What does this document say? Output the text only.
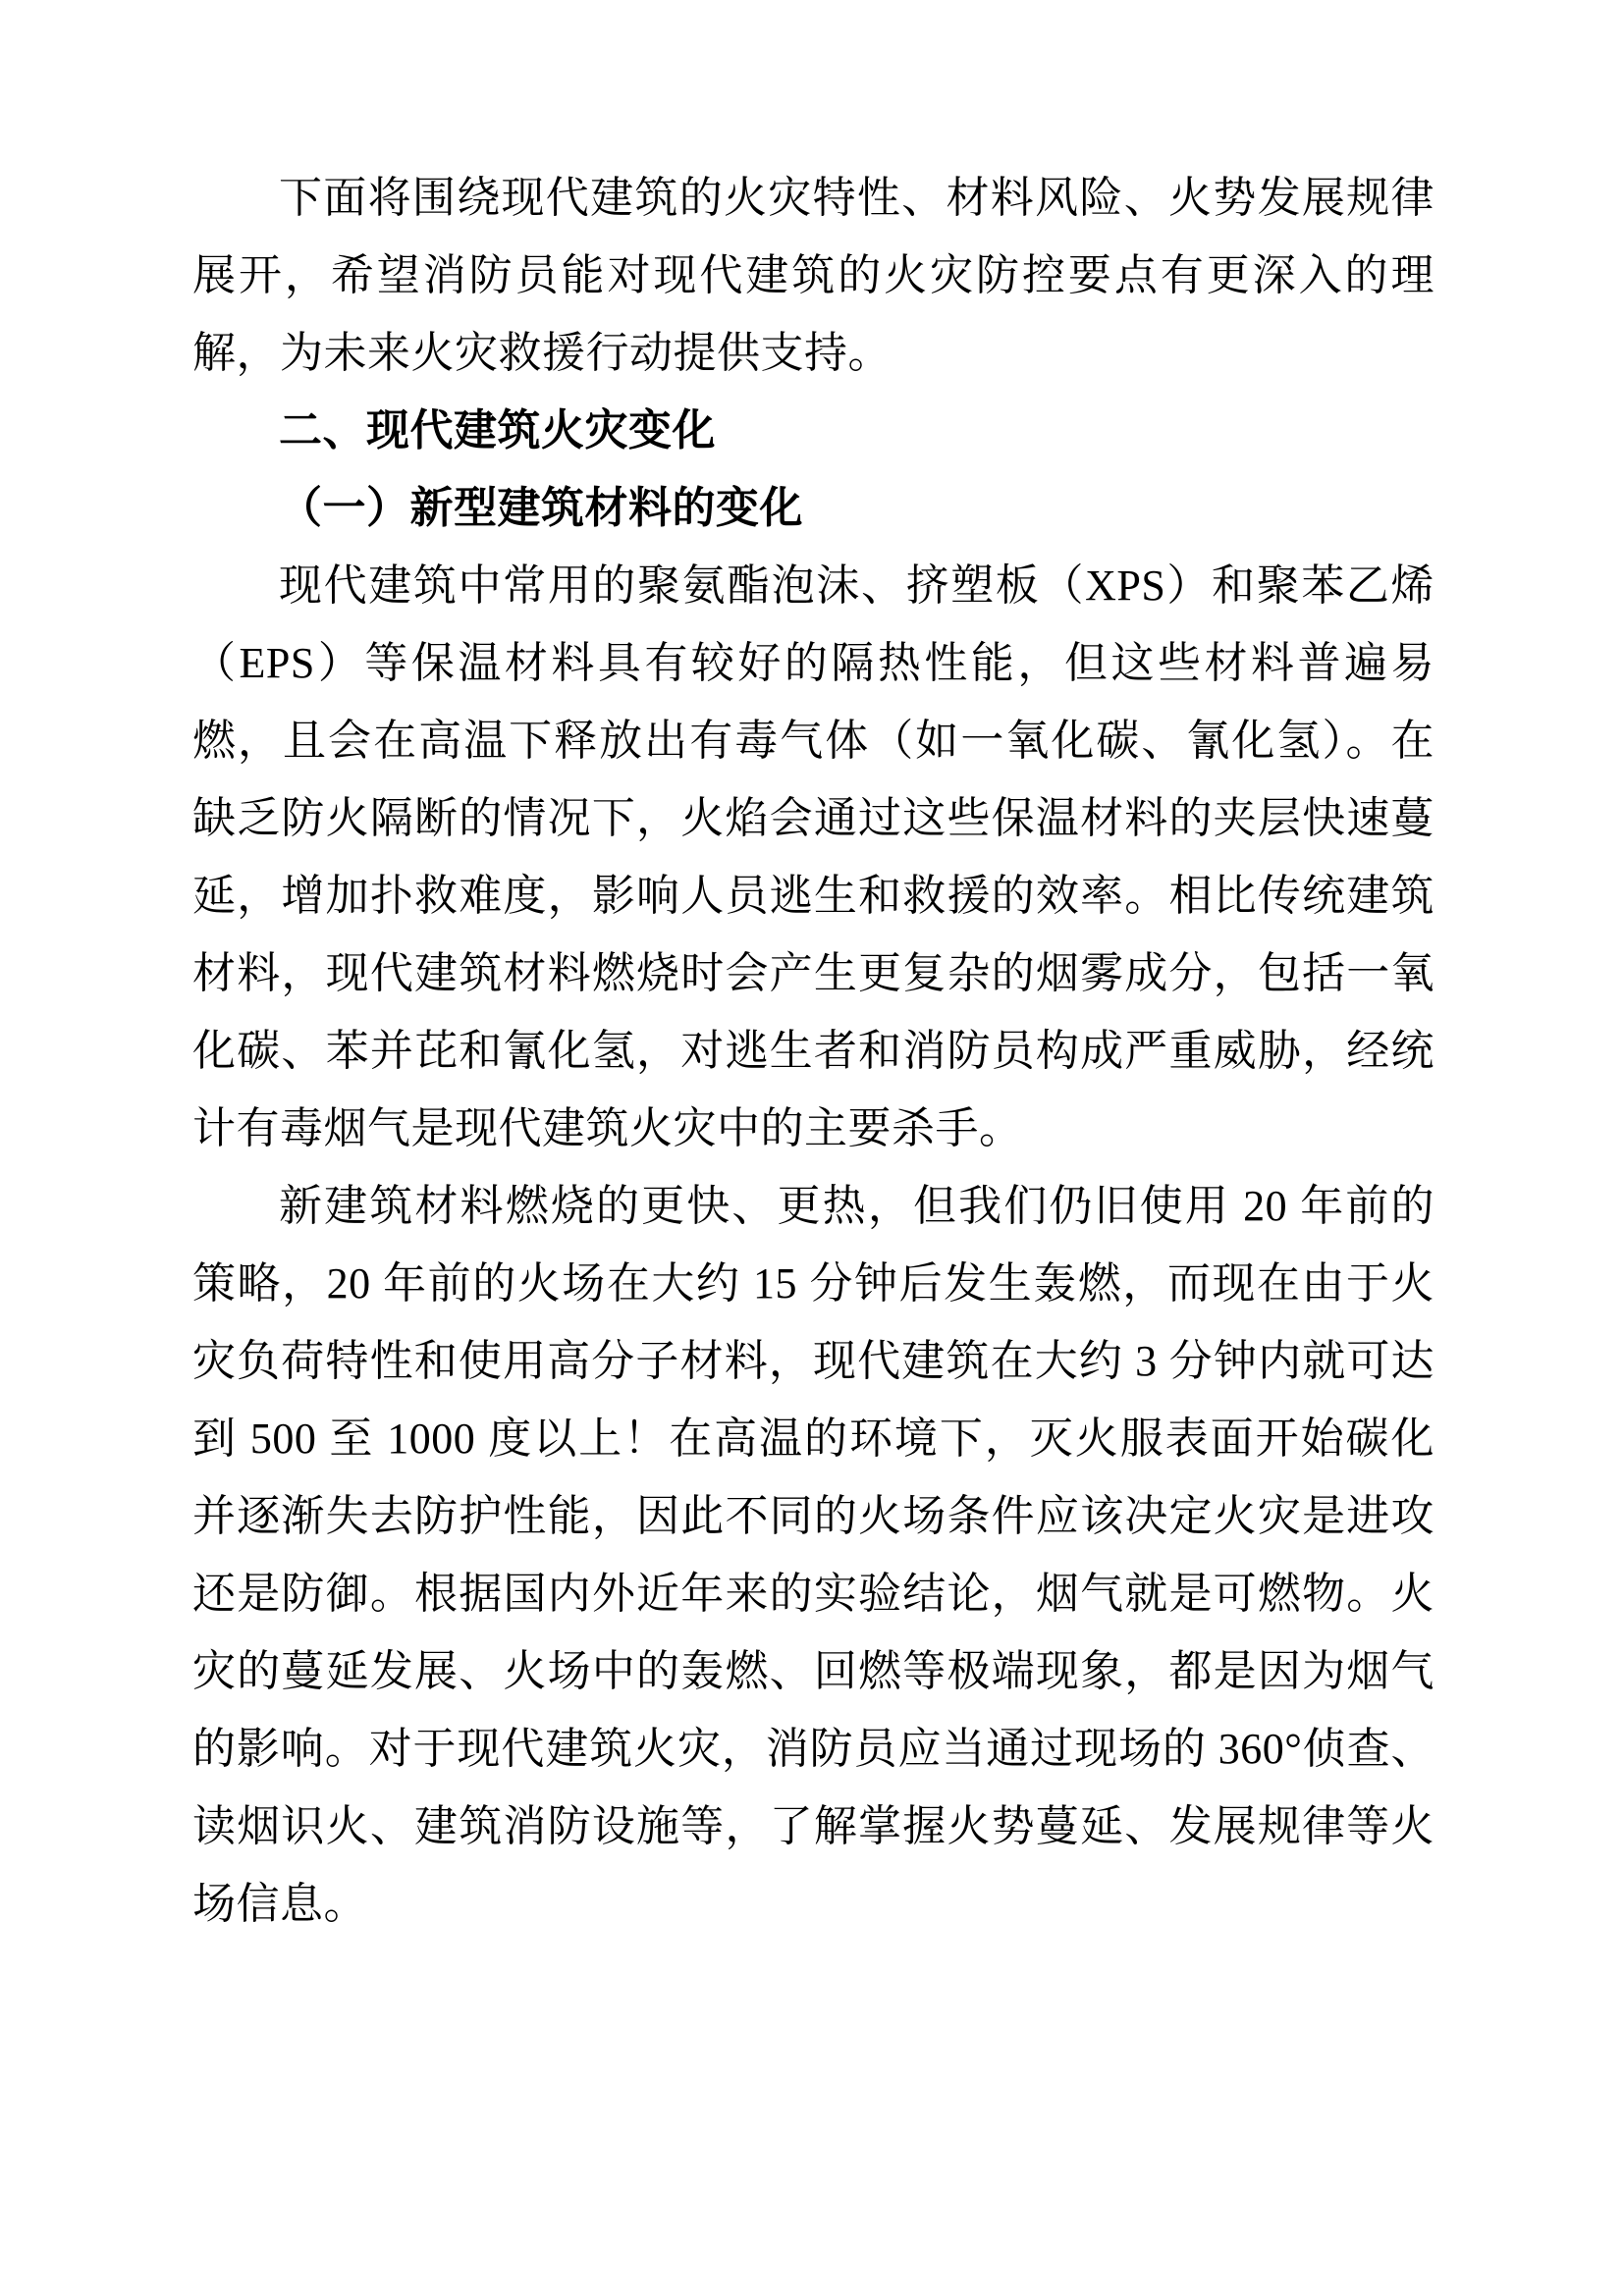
下面将围绕现代建筑的火灾特性、材料风险、火势发展规律展开，希望消防员能对现代建筑的火灾防控要点有更深入的理解，为未来火灾救援行动提供支持。

二、现代建筑火灾变化
（一）新型建筑材料的变化

现代建筑中常用的聚氨酯泡沫、挤塑板（XPS）和聚苯乙烯（EPS）等保温材料具有较好的隔热性能，但这些材料普遍易燃，且会在高温下释放出有毒气体（如一氧化碳、氰化氢）。在缺乏防火隔断的情况下，火焰会通过这些保温材料的夹层快速蔓延，增加扑救难度，影响人员逃生和救援的效率。相比传统建筑材料，现代建筑材料燃烧时会产生更复杂的烟雾成分，包括一氧化碳、苯并芘和氰化氢，对逃生者和消防员构成严重威胁，经统计有毒烟气是现代建筑火灾中的主要杀手。

新建筑材料燃烧的更快、更热，但我们仍旧使用 20 年前的策略，20 年前的火场在大约 15 分钟后发生轰燃，而现在由于火灾负荷特性和使用高分子材料，现代建筑在大约 3 分钟内就可达到 500 至 1000 度以上！在高温的环境下，灭火服表面开始碳化并逐渐失去防护性能，因此不同的火场条件应该决定火灾是进攻还是防御。根据国内外近年来的实验结论，烟气就是可燃物。火灾的蔓延发展、火场中的轰燃、回燃等极端现象，都是因为烟气的影响。对于现代建筑火灾，消防员应当通过现场的 360°侦查、读烟识火、建筑消防设施等，了解掌握火势蔓延、发展规律等火场信息。
